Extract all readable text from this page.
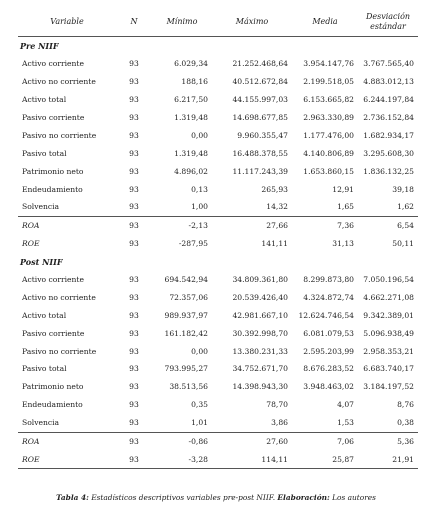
Variable	N	Mínimo	Máximo	Media	Desviación
estándar
Pre NIIF					
Activo corriente	93	6.029,34	21.252.468,64	3.954.147,76	3.767.565,40
Activo no corriente	93	188,16	40.512.672,84	2.199.518,05	4.883.012,13
Activo total	93	6.217,50	44.155.997,03	6.153.665,82	6.244.197,84
Pasivo corriente	93	1.319,48	14.698.677,85	2.963.330,89	2.736.152,84
Pasivo no corriente	93	0,00	9.960.355,47	1.177.476,00	1.682.934,17
Pasivo total	93	1.319,48	16.488.378,55	4.140.806,89	3.295.608,30
Patrimonio neto	93	4.896,02	11.117.243,39	1.653.860,15	1.836.132,25
Endeudamiento	93	0,13	265,93	12,91	39,18
Solvencia	93	1,00	14,32	1,65	1,62
ROA	93	-2,13	27,66	7,36	6,54
ROE	93	-287,95	141,11	31,13	50,11
Post NIIF					
Activo corriente	93	694.542,94	34.809.361,80	8.299.873,80	7.050.196,54
Activo no corriente	93	72.357,06	20.539.426,40	4.324.872,74	4.662.271,08
Activo total	93	989.937,97	42.981.667,10	12.624.746,54	9.342.389,01
Pasivo corriente	93	161.182,42	30.392.998,70	6.081.079,53	5.096.938,49
Pasivo no corriente	93	0,00	13.380.231,33	2.595.203,99	2.958.353,21
Pasivo total	93	793.995,27	34.752.671,70	8.676.283,52	6.683.740,17
Patrimonio neto	93	38.513,56	14.398.943,30	3.948.463,02	3.184.197,52
Endeudamiento	93	0,35	78,70	4,07	8,76
Solvencia	93	1,01	3,86	1,53	0,38
ROA	93	-0,86	27,60	7,06	5,36
ROE	93	-3,28	114,11	25,87	21,91
Tabla 4: Estadísticos descriptivos variables pre-post NIIF. Elaboración: Los autores
